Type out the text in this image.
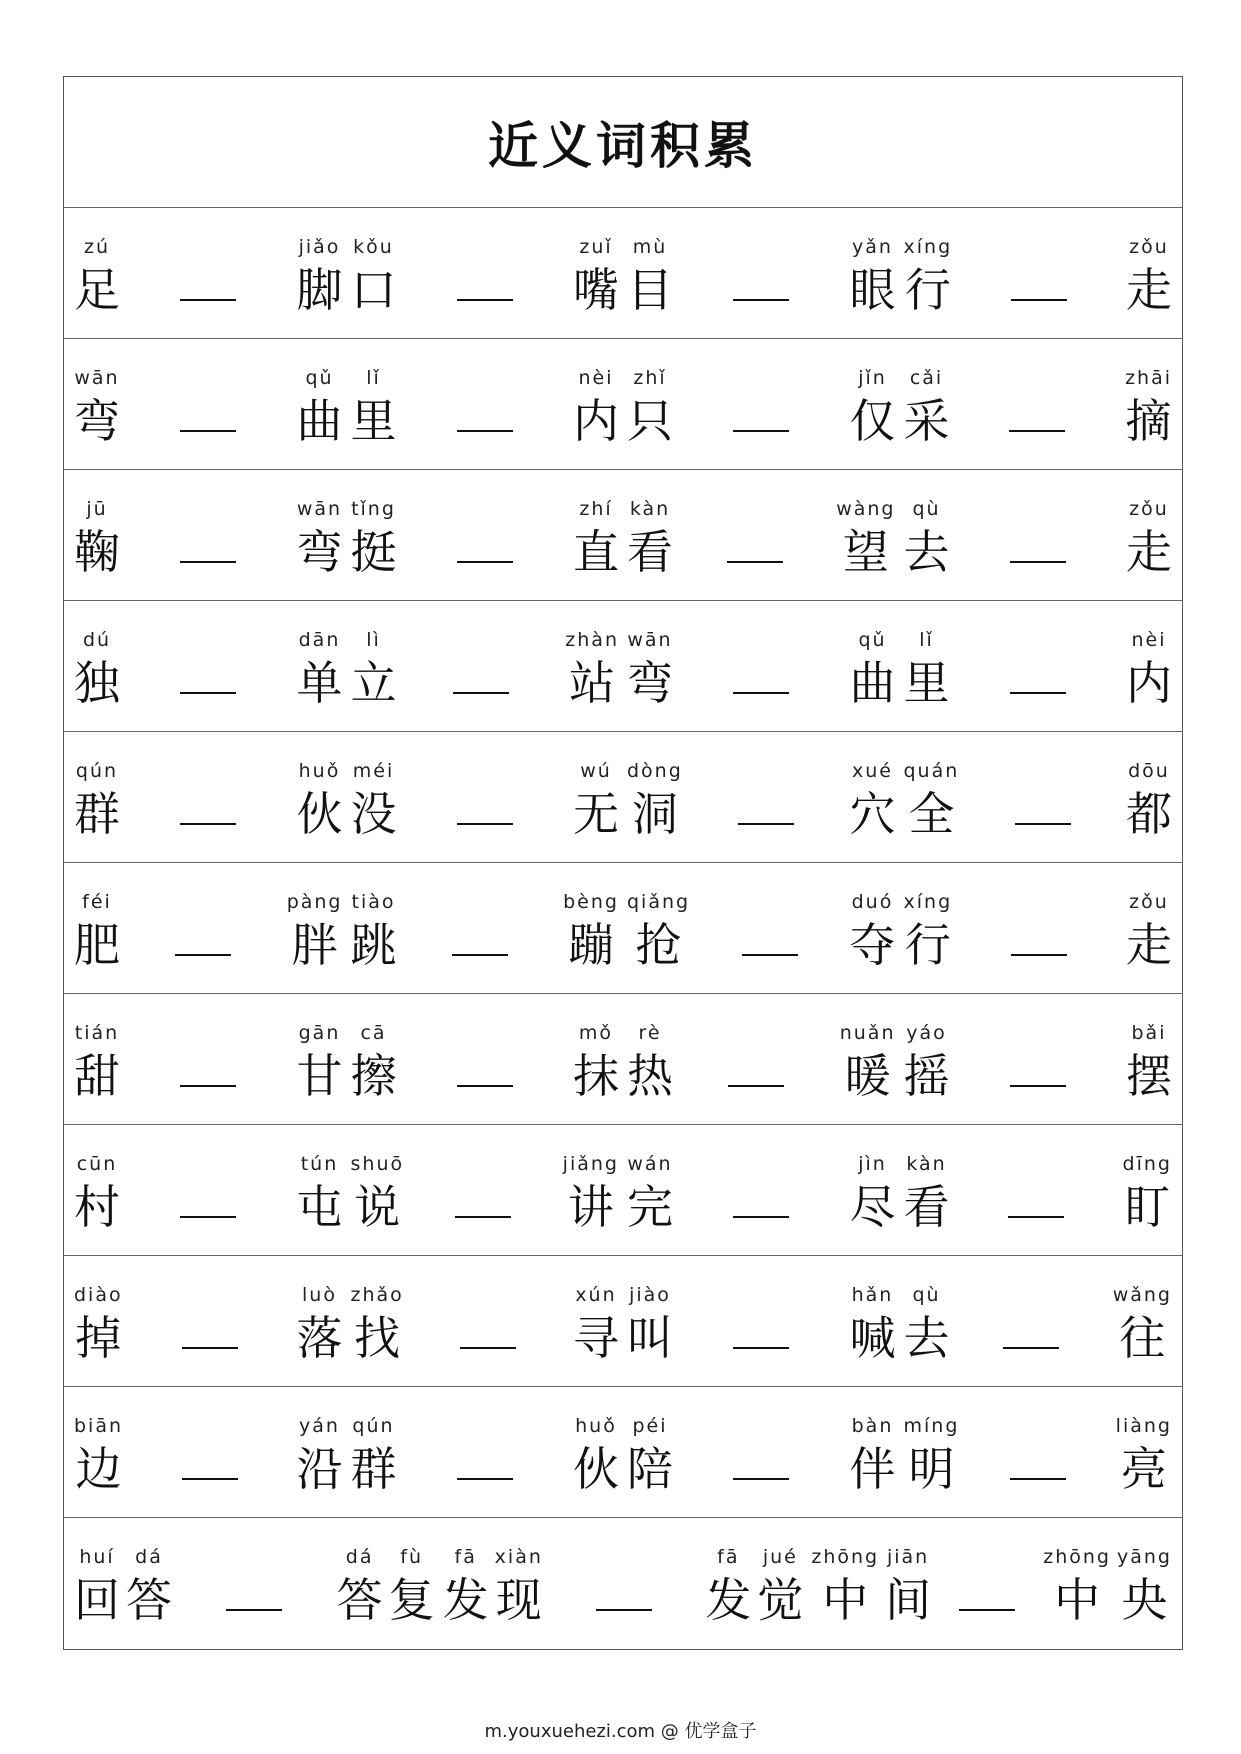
近义词积累
zú
足
jiǎo
脚
kǒu
口
zuǐ
嘴
mù
目
yǎn
眼
xíng
行
zǒu
走
wān
弯
qǔ
曲
lǐ
里
nèi
内
zhǐ
只
jǐn
仅
cǎi
采
zhāi
摘
jū
鞠
wān
弯
tǐng
挺
zhí
直
kàn
看
wàng
望
qù
去
zǒu
走
dú
独
dān
单
lì
立
zhàn
站
wān
弯
qǔ
曲
lǐ
里
nèi
内
qún
群
huǒ
伙
méi
没
wú
无
dòng
洞
xué
穴
quán
全
dōu
都
féi
肥
pàng
胖
tiào
跳
bèng
蹦
qiǎng
抢
duó
夺
xíng
行
zǒu
走
tián
甜
gān
甘
cā
擦
mǒ
抹
rè
热
nuǎn
暖
yáo
摇
bǎi
摆
cūn
村
tún
屯
shuō
说
jiǎng
讲
wán
完
jìn
尽
kàn
看
dīng
盯
diào
掉
luò
落
zhǎo
找
xún
寻
jiào
叫
hǎn
喊
qù
去
wǎng
往
biān
边
yán
沿
qún
群
huǒ
伙
péi
陪
bàn
伴
míng
明
liàng
亮
huí
回
dá
答
dá
答
fù
复
fā
发
xiàn
现
fā
发
jué
觉
zhōng
中
jiān
间
zhōng
中
yāng
央
m.youxuehezi.com @ 优学盒子
